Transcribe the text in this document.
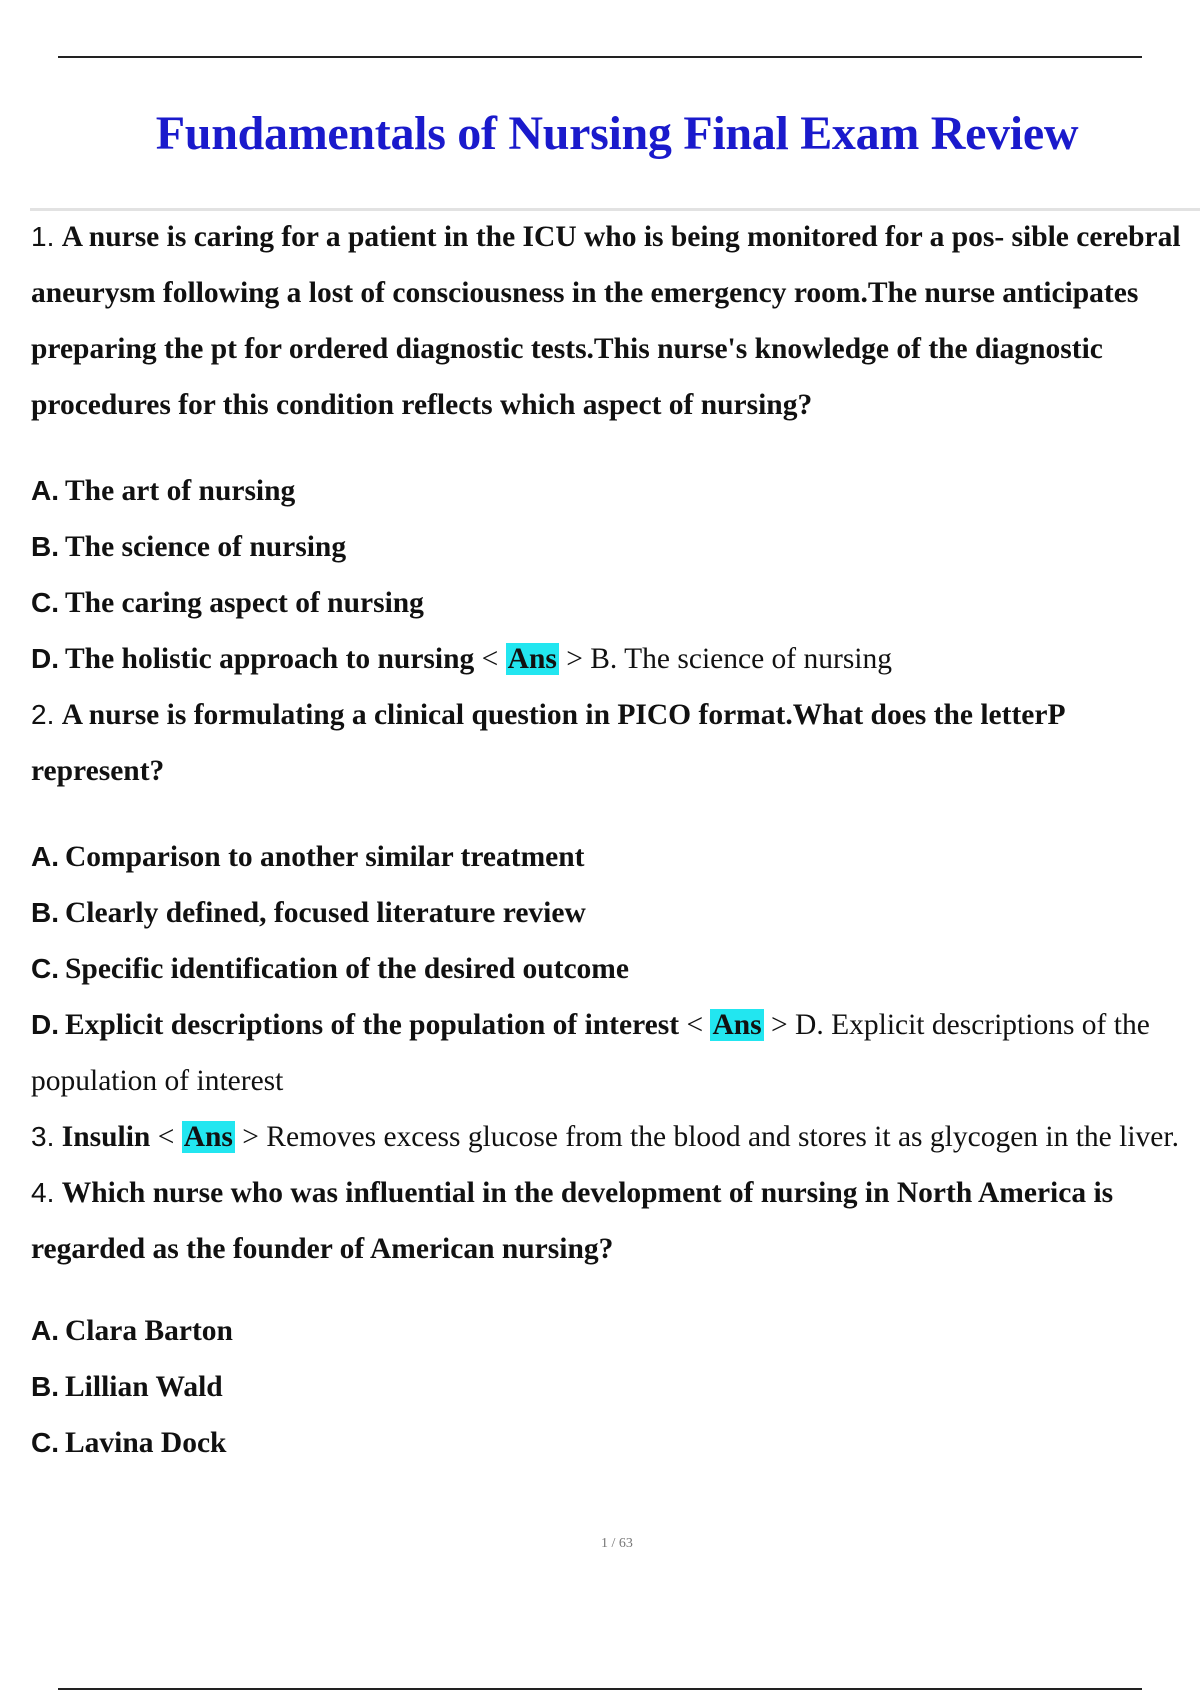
Fundamentals of Nursing Final Exam Review

1. A nurse is caring for a patient in the ICU who is being monitored for a pos- sible cerebral aneurysm following a lost of consciousness in the emergency room.The nurse anticipates preparing the pt for ordered diagnostic tests.This nurse's knowledge of the diagnostic procedures for this condition reflects which aspect of nursing?

A. The art of nursing

B. The science of nursing

C. The caring aspect of nursing

D. The holistic approach to nursing < Ans > B. The science of nursing

2. A nurse is formulating a clinical question in PICO format.What does the letterP represent?

A. Comparison to another similar treatment

B. Clearly defined, focused literature review

C. Specific identification of the desired outcome

D. Explicit descriptions of the population of interest < Ans > D. Explicit descriptions of the population of interest

3. Insulin < Ans > Removes excess glucose from the blood and stores it as glycogen in the liver.

4. Which nurse who was influential in the development of nursing in North America is regarded as the founder of American nursing?

A. Clara Barton

B. Lillian Wald

C. Lavina Dock

1 / 63
